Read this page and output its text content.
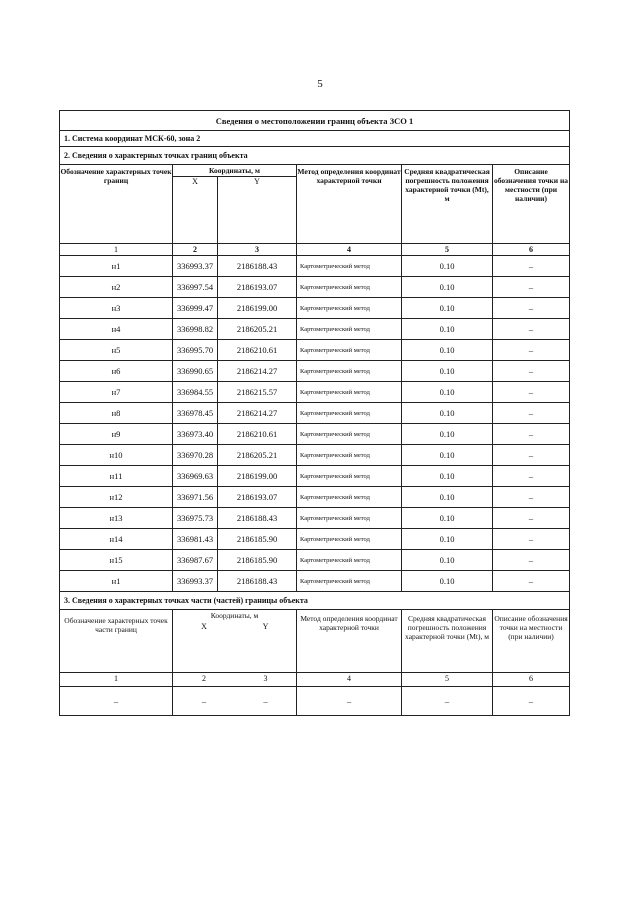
5
Сведения о местоположении границ объекта ЗСО 1
1. Система координат МСК-60, зона 2
2. Сведения о характерных точках границ объекта
Обозначение характерных точек границ
Координаты, м
X	Y
Метод определения координат характерной точки
Средняя квадратическая погрешность положения характерной точки (Mt), м
Описание обозначения точки на местности (при наличии)
1	2	3	4	5	6
н1	336993.37	2186188.43	Картометрический метод	0.10	–
н2	336997.54	2186193.07	Картометрический метод	0.10	–
н3	336999.47	2186199.00	Картометрический метод	0.10	–
н4	336998.82	2186205.21	Картометрический метод	0.10	–
н5	336995.70	2186210.61	Картометрический метод	0.10	–
н6	336990.65	2186214.27	Картометрический метод	0.10	–
н7	336984.55	2186215.57	Картометрический метод	0.10	–
н8	336978.45	2186214.27	Картометрический метод	0.10	–
н9	336973.40	2186210.61	Картометрический метод	0.10	–
н10	336970.28	2186205.21	Картометрический метод	0.10	–
н11	336969.63	2186199.00	Картометрический метод	0.10	–
н12	336971.56	2186193.07	Картометрический метод	0.10	–
н13	336975.73	2186188.43	Картометрический метод	0.10	–
н14	336981.43	2186185.90	Картометрический метод	0.10	–
н15	336987.67	2186185.90	Картометрический метод	0.10	–
н1	336993.37	2186188.43	Картометрический метод	0.10	–
3. Сведения о характерных точках части (частей) границы объекта
Обозначение характерных точек части границ
Координаты, м
X	Y
Метод определения координат характерной точки
Средняя квадратическая погрешность положения характерной точки (Mt), м
Описание обозначения точки на местности (при наличии)
1	2	3	4	5	6
–	–	–	–	–	–
